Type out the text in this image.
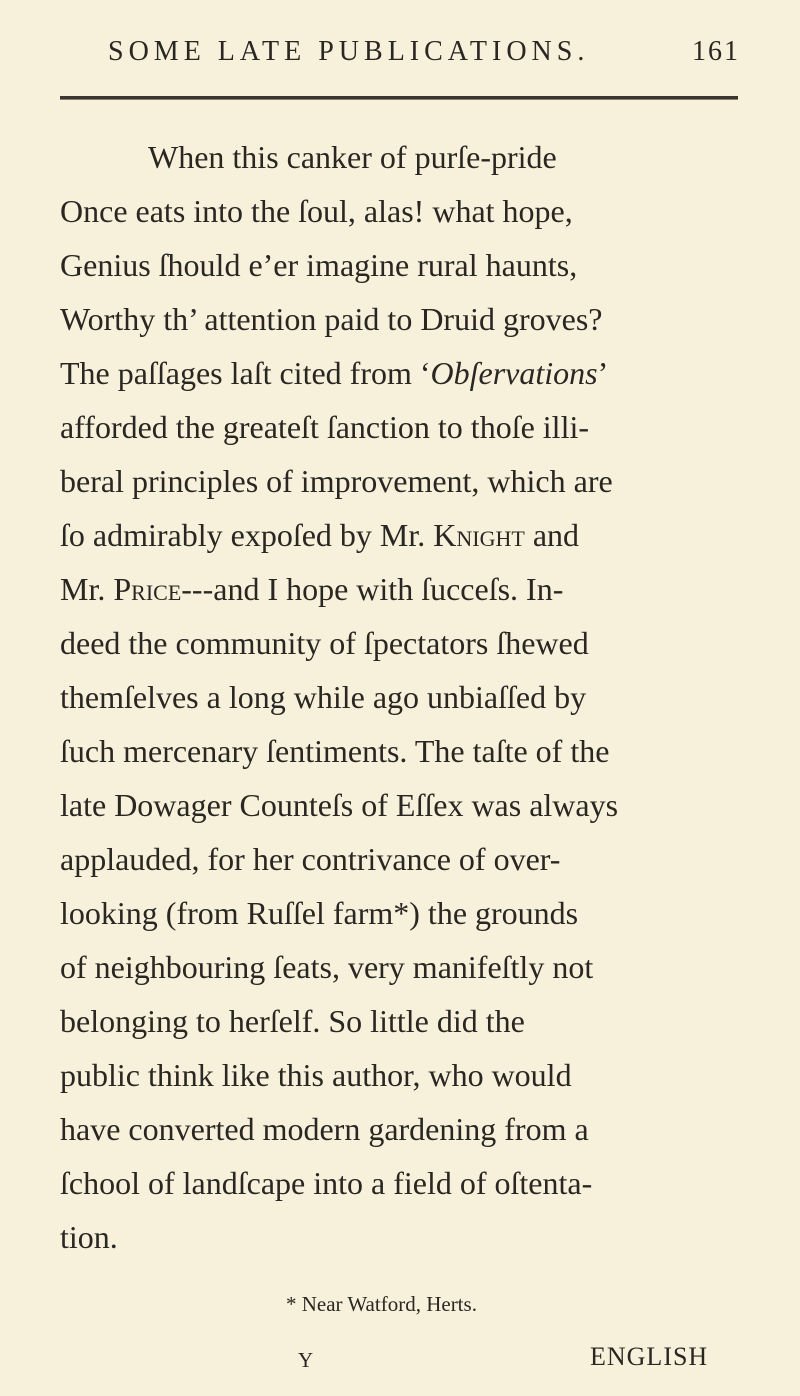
SOME LATE PUBLICATIONS.	161
When this canker of purſe-pride
Once eats into the ſoul, alas! what hope,
Genius ſhould e’er imagine rural haunts,
Worthy th’ attention paid to Druid groves?
The paſſages laſt cited from ‘Obſervations’
afforded the greateſt ſanction to thoſe illi-
beral principles of improvement, which are
ſo admirably expoſed by Mr. Knight and
Mr. Price---and I hope with ſucceſs. In-
deed the community of ſpectators ſhewed
themſelves a long while ago unbiaſſed by
ſuch mercenary ſentiments. The taſte of the
late Dowager Counteſs of Eſſex was always
applauded, for her contrivance of over-
looking (from Ruſſel farm*) the grounds
of neighbouring ſeats, very manifeſtly not
belonging to herſelf. So little did the
public think like this author, who would
have converted modern gardening from a
ſchool of landſcape into a field of oſtenta-
tion.
* Near Watford, Herts.
Y	ENGLISH
